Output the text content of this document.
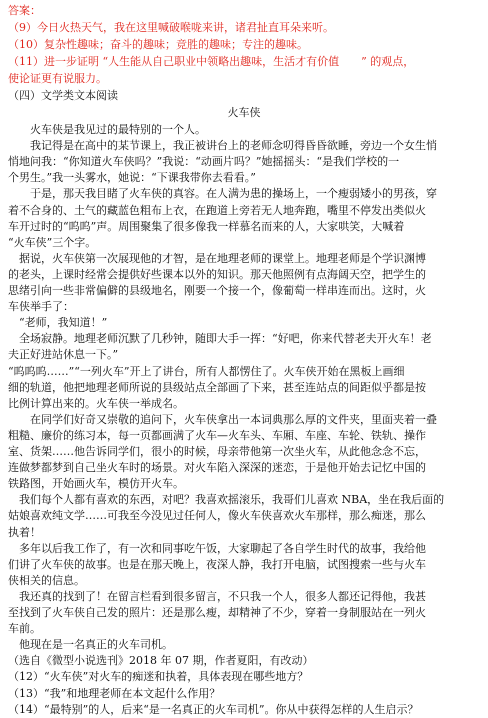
答案：
（9）今日火热天气，我在这里喊破喉咙来讲，诸君扯直耳朵来听。
（10）复杂性趣味；奋斗的趣味；竞胜的趣味；专注的趣味。
（11）进一步证明 “人生能从自己职业中领略出趣味，生活才有价值　　” 的观点，
使论证更有说服力。
（四）文学类文本阅读
火车侠
　　火车侠是我见过的最特别的一个人。
　　我记得是在高中的某节课上，我正被讲台上的老师念叨得昏昏欲睡，旁边一个女生悄
悄地问我：“你知道火车侠吗？”我说：“动画片吗？”她摇摇头：“是我们学校的一
个男生。”我一头雾水，她说：“下课我带你去看看。”
　　于是，那天我目睹了火车侠的真容。在人满为患的操场上，一个瘦弱矮小的男孩，穿
着不合身的、土气的藏蓝色粗布上衣，在跑道上旁若无人地奔跑，嘴里不停发出类似火
车开过时的“呜呜”声。周围聚集了很多像我一样慕名而来的人，大家哄笑，大喊着
“火车侠”三个字。
　据说，火车侠第一次展现他的才智，是在地理老师的课堂上。地理老师是个学识渊博
的老头，上课时经常会提供好些课本以外的知识。那天他照例有点海阔天空，把学生的
思绪引向一些非常偏僻的县级地名，刚要一个接一个，像葡萄一样串连而出。这时，火
车侠举手了：
　“老师，我知道！”
　全场寂静。地理老师沉默了几秒钟，随即大手一挥：“好吧，你来代替老夫开火车！老
夫正好进站休息一下。”
“呜呜呜……”“一列火车”开上了讲台，所有人都愣住了。火车侠开始在黑板上画细
细的轨道，他把地理老师所说的县级站点全部画了下来，甚至连站点的间距似乎都是按
比例计算出来的。火车侠一举成名。
　　在同学们好奇又崇敬的追问下，火车侠拿出一本词典那么厚的文件夹，里面夹着一叠
粗糙、廉价的练习本，每一页都画满了火车—火车头、车厢、车座、车轮、铁轨、操作
室、货架……他告诉同学们，很小的时候，母亲带他第一次坐火车，从此他念念不忘，
连做梦都梦到自己坐火车时的场景。对火车陷入深深的迷恋，于是他开始去记忆中国的
铁路图，开始画火车，模仿开火车。
　我们每个人都有喜欢的东西，对吧？我喜欢摇滚乐，我哥们儿喜欢 NBA，坐在我后面的
姑娘喜欢纯文学……可我至今没见过任何人，像火车侠喜欢火车那样，那么痴迷，那么
执着！
　多年以后我工作了，有一次和同事吃午饭，大家聊起了各自学生时代的故事，我给他
们讲了火车侠的故事。也是在那天晚上，夜深人静，我打开电脑，试图搜索一些与火车
侠相关的信息。
　我还真的找到了！在留言栏看到很多留言，不只我一个人，很多人都还记得他，我甚
至找到了火车侠自己发的照片：还是那么瘦，却精神了不少，穿着一身制服站在一列火
车前。
　他现在是一名真正的火车司机。
（选自《微型小说选刊》2018 年 07 期，作者夏阳，有改动）
（12）“火车侠”对火车的痴迷和执着，具体表现在哪些地方？
（13）“我”和地理老师在本文起什么作用？
（14）“最特别”的人，后来“是一名真正的火车司机”。你从中获得怎样的人生启示？
